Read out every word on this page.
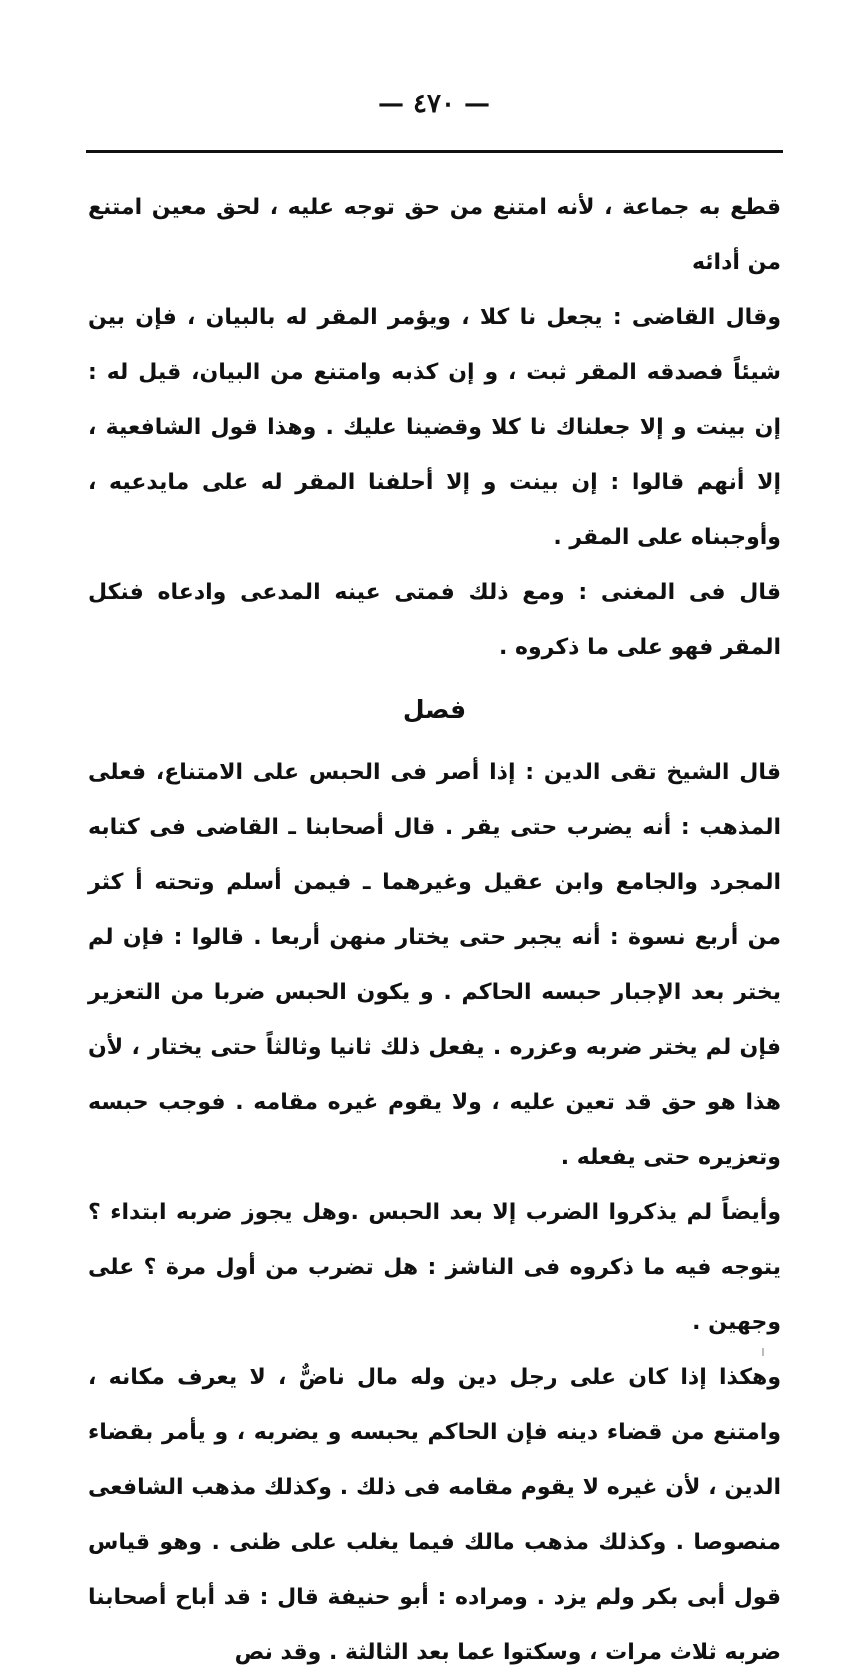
— ٤٧٠ —

قطع به جماعة ، لأنه امتنع من حق توجه عليه ، لحق معين امتنع من أدائه

وقال القاضى : يجعل نا كلا ، ويؤمر المقر له بالبيان ، فإن بين شيئاً فصدقه المقر ثبت ، و إن كذبه وامتنع من البيان، قيل له : إن بينت و إلا جعلناك نا كلا وقضينا عليك . وهذا قول الشافعية ، إلا أنهم قالوا : إن بينت و إلا أحلفنا المقر له على مايدعيه ، وأوجبناه على المقر .

قال فى المغنى : ومع ذلك فمتى عينه المدعى وادعاه فنكل المقر فهو على ما ذكروه .

فصل

قال الشيخ تقى الدين : إذا أصر فى الحبس على الامتناع، فعلى المذهب : أنه يضرب حتى يقر . قال أصحابنا ـ القاضى فى كتابه المجرد والجامع وابن عقيل وغيرهما ـ فيمن أسلم وتحته أ كثر من أربع نسوة : أنه يجبر حتى يختار منهن أربعا . قالوا : فإن لم يختر بعد الإجبار حبسه الحاكم . و يكون الحبس ضربا من التعزير فإن لم يختر ضربه وعزره . يفعل ذلك ثانيا وثالثاً حتى يختار ، لأن هذا هو حق قد تعين عليه ، ولا يقوم غيره مقامه . فوجب حبسه وتعزيره حتى يفعله .

وأيضاً لم يذكروا الضرب إلا بعد الحبس .وهل يجوز ضربه ابتداء ؟ يتوجه فيه ما ذكروه فى الناشز : هل تضرب من أول مرة ؟ على وجهين .

وهكذا إذا كان على رجل دين وله مال ناضٌّ ، لا يعرف مكانه ، وامتنع من قضاء دينه فإن الحاكم يحبسه و يضربه ، و يأمر بقضاء الدين ، لأن غيره لا يقوم مقامه فى ذلك . وكذلك مذهب الشافعى منصوصا . وكذلك مذهب مالك فيما يغلب على ظنى . وهو قياس قول أبى بكر ولم يزد . ومراده : أبو حنيفة قال : قد أباح أصحابنا ضربه ثلاث مرات ، وسكتوا عما بعد الثالثة . وقد نص
